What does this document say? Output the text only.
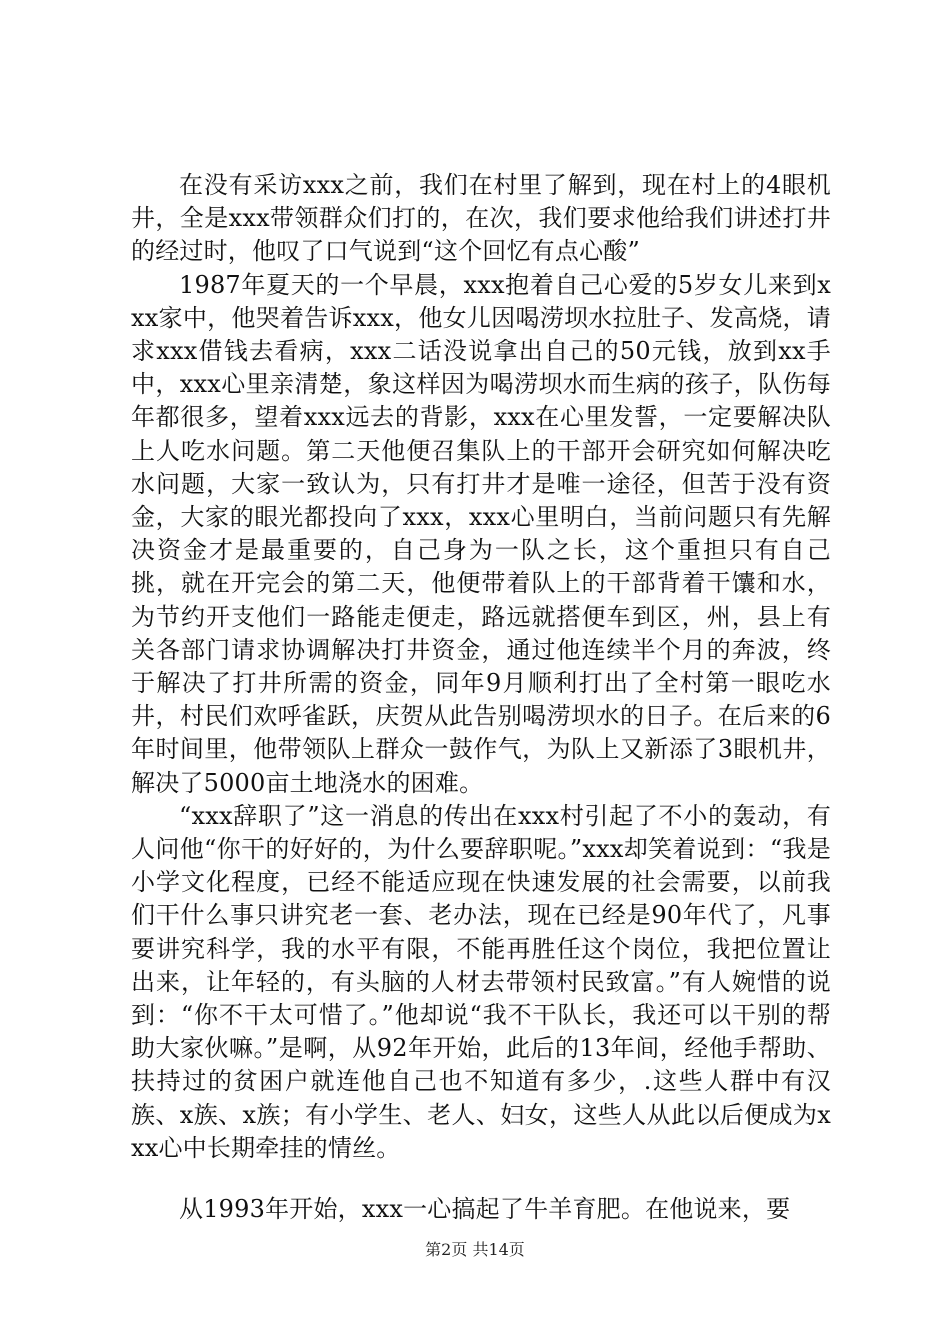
在没有采访xxx之前，我们在村里了解到，现在村上的4眼机井，全是xxx带领群众们打的，在次，我们要求他给我们讲述打井的经过时，他叹了口气说到“这个回忆有点心酸”

1987年夏天的一个早晨，xxx抱着自己心爱的5岁女儿来到xxx家中，他哭着告诉xxx，他女儿因喝涝坝水拉肚子、发高烧，请求xxx借钱去看病，xxx二话没说拿出自己的50元钱，放到xx手中，xxx心里亲清楚，象这样因为喝涝坝水而生病的孩子，队伤每年都很多，望着xxx远去的背影，xxx在心里发誓，一定要解决队上人吃水问题。第二天他便召集队上的干部开会研究如何解决吃水问题，大家一致认为，只有打井才是唯一途径，但苦于没有资金，大家的眼光都投向了xxx，xxx心里明白，当前问题只有先解决资金才是最重要的，自己身为一队之长，这个重担只有自己挑，就在开完会的第二天，他便带着队上的干部背着干馕和水，为节约开支他们一路能走便走，路远就搭便车到区，州，县上有关各部门请求协调解决打井资金，通过他连续半个月的奔波，终于解决了打井所需的资金，同年9月顺利打出了全村第一眼吃水井，村民们欢呼雀跃，庆贺从此告别喝涝坝水的日子。在后来的6年时间里，他带领队上群众一鼓作气，为队上又新添了3眼机井，解决了5000亩土地浇水的困难。

“xxx辞职了”这一消息的传出在xxx村引起了不小的轰动，有人问他“你干的好好的，为什么要辞职呢。”xxx却笑着说到：“我是小学文化程度，已经不能适应现在快速发展的社会需要，以前我们干什么事只讲究老一套、老办法，现在已经是90年代了，凡事要讲究科学，我的水平有限，不能再胜任这个岗位，我把位置让出来，让年轻的，有头脑的人材去带领村民致富。”有人婉惜的说到：“你不干太可惜了。”他却说“我不干队长，我还可以干别的帮助大家伙嘛。”是啊，从92年开始，此后的13年间，经他手帮助、扶持过的贫困户就连他自己也不知道有多少，.这些人群中有汉族、x族、x族；有小学生、老人、妇女，这些人从此以后便成为xxx心中长期牵挂的情丝。

从1993年开始，xxx一心搞起了牛羊育肥。在他说来，要

第2页 共14页
